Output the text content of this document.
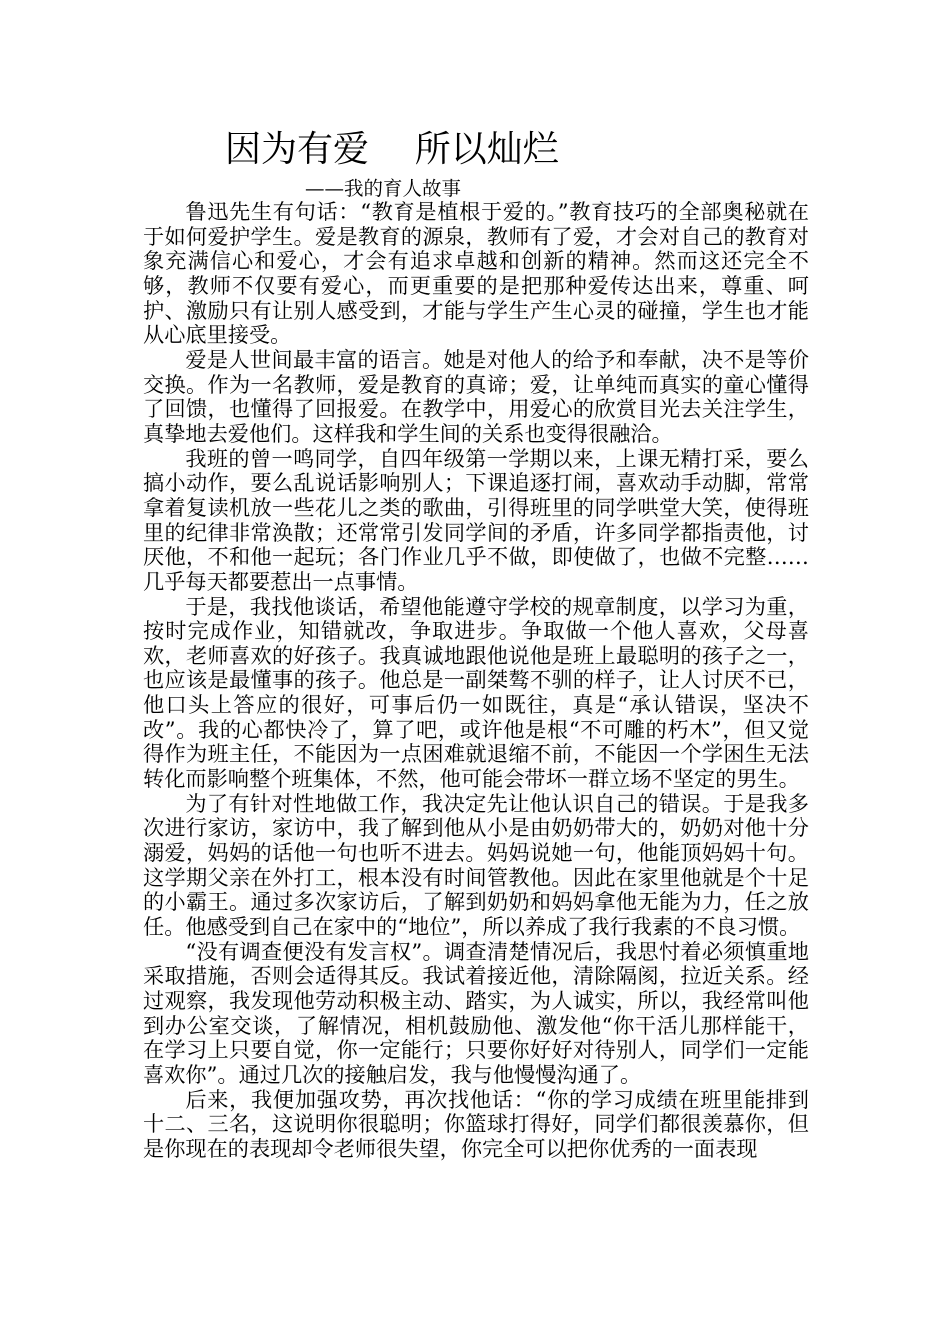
因为有爱    所以灿烂
——我的育人故事

鲁迅先生有句话：“教育是植根于爱的。”教育技巧的全部奥秘就在于如何爱护学生。爱是教育的源泉，教师有了爱，才会对自己的教育对象充满信心和爱心，才会有追求卓越和创新的精神。然而这还完全不够，教师不仅要有爱心，而更重要的是把那种爱传达出来，尊重、呵护、激励只有让别人感受到，才能与学生产生心灵的碰撞，学生也才能从心底里接受。

爱是人世间最丰富的语言。她是对他人的给予和奉献，决不是等价交换。作为一名教师，爱是教育的真谛；爱，让单纯而真实的童心懂得了回馈，也懂得了回报爱。在教学中，用爱心的欣赏目光去关注学生，真挚地去爱他们。这样我和学生间的关系也变得很融洽。

我班的曾一鸣同学，自四年级第一学期以来，上课无精打采，要么搞小动作，要么乱说话影响别人；下课追逐打闹，喜欢动手动脚，常常拿着复读机放一些花儿之类的歌曲，引得班里的同学哄堂大笑，使得班里的纪律非常涣散；还常常引发同学间的矛盾，许多同学都指责他，讨厌他，不和他一起玩；各门作业几乎不做，即使做了，也做不完整……几乎每天都要惹出一点事情。

于是，我找他谈话，希望他能遵守学校的规章制度，以学习为重，按时完成作业，知错就改，争取进步。争取做一个他人喜欢，父母喜欢，老师喜欢的好孩子。我真诚地跟他说他是班上最聪明的孩子之一，也应该是最懂事的孩子。他总是一副桀骜不驯的样子，让人讨厌不已，他口头上答应的很好，可事后仍一如既往，真是“承认错误，坚决不改”。我的心都快冷了，算了吧，或许他是根“不可雕的朽木”，但又觉得作为班主任，不能因为一点困难就退缩不前，不能因一个学困生无法转化而影响整个班集体，不然，他可能会带坏一群立场不坚定的男生。

为了有针对性地做工作，我决定先让他认识自己的错误。于是我多次进行家访，家访中，我了解到他从小是由奶奶带大的，奶奶对他十分溺爱，妈妈的话他一句也听不进去。妈妈说她一句，他能顶妈妈十句。这学期父亲在外打工，根本没有时间管教他。因此在家里他就是个十足的小霸王。通过多次家访后，了解到奶奶和妈妈拿他无能为力，任之放任。他感受到自己在家中的“地位”，所以养成了我行我素的不良习惯。

“没有调查便没有发言权”。调查清楚情况后，我思忖着必须慎重地采取措施，否则会适得其反。我试着接近他，清除隔阂，拉近关系。经过观察，我发现他劳动积极主动、踏实，为人诚实，所以，我经常叫他到办公室交谈，了解情况，相机鼓励他、激发他“你干活儿那样能干，在学习上只要自觉，你一定能行；只要你好好对待别人，同学们一定能喜欢你”。通过几次的接触启发，我与他慢慢沟通了。

后来，我便加强攻势，再次找他话：“你的学习成绩在班里能排到十二、三名，这说明你很聪明；你篮球打得好，同学们都很羡慕你，但是你现在的表现却令老师很失望，你完全可以把你优秀的一面表现
